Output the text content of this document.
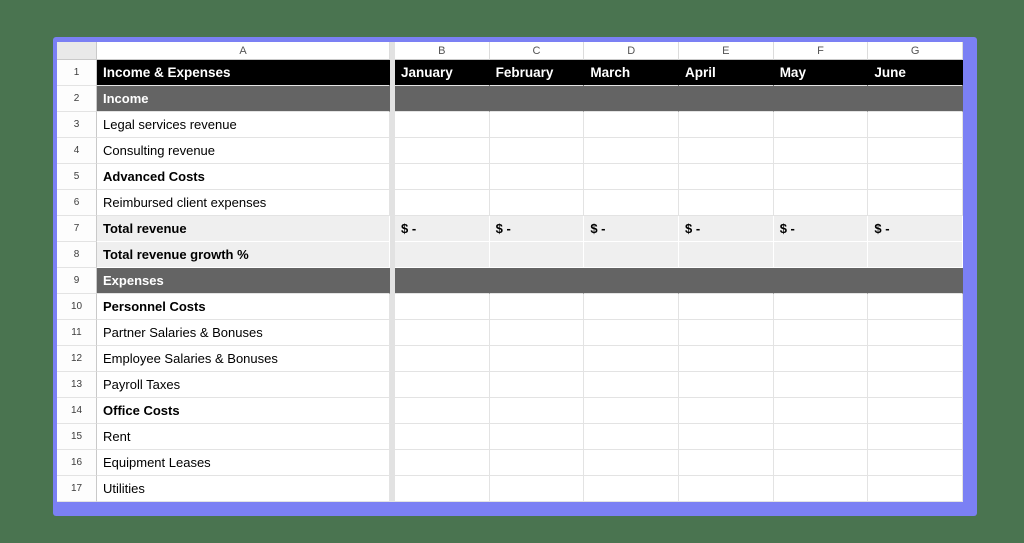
A	B	C	D	E	F	G
1	Income & Expenses	January	February	March	April	May	June
2	Income
3	Legal services revenue
4	Consulting revenue
5	Advanced Costs
6	Reimbursed client expenses
7	Total revenue	$ -	$ -	$ -	$ -	$ -	$ -
8	Total revenue growth %
9	Expenses
10	Personnel Costs
11	Partner Salaries & Bonuses
12	Employee Salaries & Bonuses
13	Payroll Taxes
14	Office Costs
15	Rent
16	Equipment Leases
17	Utilities
